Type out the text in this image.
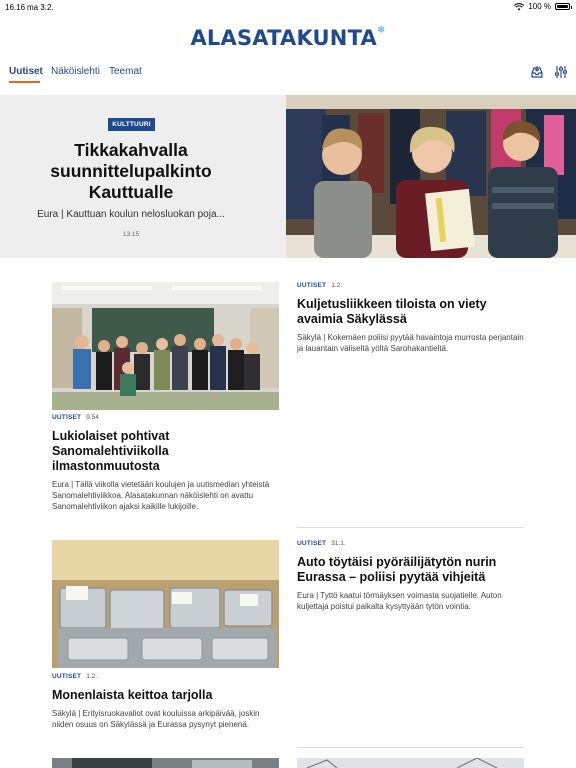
16.16 ma 3.2.	100 %
ALASATAKUNTA❄
Uutiset Näköislehti Teemat
KULTTUURI
Tikkakahvalla suunnittelupalkinto Kauttualle
Eura | Kauttuan koulun nelosluokan poja...
13.15
UUTISET 9.54
Lukiolaiset pohtivat Sanomalehtiviikolla ilmastonmuutosta
Eura | Tällä viikolla vietetään koulujen ja uutismedian yhteistä Sanomalehtiviikkoa. Alasatakunnan näköislehti on avattu Sanomalehtiviikon ajaksi kaikille lukijoille.
UUTISET 1.2.
Kuljetusliikkeen tiloista on viety avaimia Säkylässä
Säkylä | Kokemäen poliisi pyytää havaintoja murrosta perjantain ja lauantain väliseltä yöltä Sarohakantieltä.
UUTISET 31.1.
Auto töytäisi pyöräilijätytön nurin Eurassa – poliisi pyytää vihjeitä
Eura | Tyttö kaatui törmäyksen voimasta suojatielle. Auton kuljettaja poistui paikalta kysyttyään tytön vointia.
UUTISET 1.2.
Monenlaista keittoa tarjolla
Säkylä | Erityisruokavaliot ovat kouluissa arkipäivää, joskin niiden osuus on Säkylässä ja Eurassa pysynyt pienenä.
